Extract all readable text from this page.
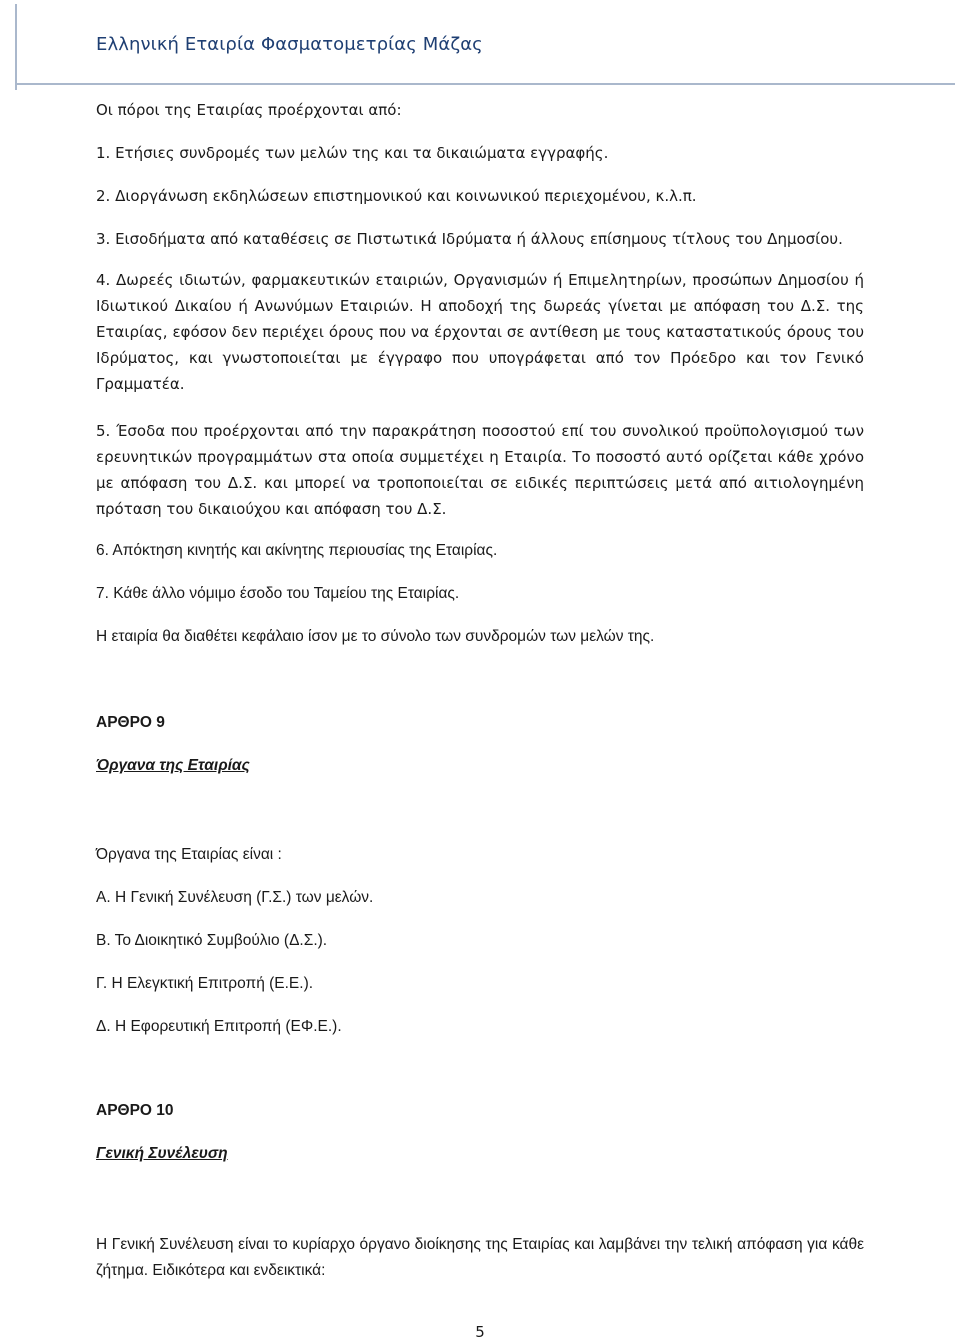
Ελληνική Εταιρία Φασματομετρίας Μάζας
Οι πόροι της Εταιρίας προέρχονται από:
1. Ετήσιες συνδρομές των μελών της και τα δικαιώματα εγγραφής.
2. Διοργάνωση εκδηλώσεων επιστημονικού και κοινωνικού περιεχομένου, κ.λ.π.
3. Εισοδήματα από καταθέσεις σε Πιστωτικά Ιδρύματα ή άλλους επίσημους τίτλους του Δημοσίου.
4. Δωρεές ιδιωτών, φαρμακευτικών εταιριών, Οργανισμών ή Επιμελητηρίων, προσώπων Δημοσίου ή Ιδιωτικού Δικαίου ή Ανωνύμων Εταιριών. Η αποδοχή της δωρεάς γίνεται με απόφαση του Δ.Σ. της Εταιρίας, εφόσον δεν περιέχει όρους που να έρχονται σε αντίθεση με τους καταστατικούς όρους του Ιδρύματος, και γνωστοποιείται με έγγραφο που υπογράφεται από τον Πρόεδρο και τον Γενικό Γραμματέα.
5. Έσοδα που προέρχονται από την παρακράτηση ποσοστού επί του συνολικού προϋπολογισμού των ερευνητικών προγραμμάτων στα οποία συμμετέχει η Εταιρία. Το ποσοστό αυτό ορίζεται κάθε χρόνο με απόφαση του Δ.Σ. και μπορεί να τροποποιείται σε ειδικές περιπτώσεις μετά από αιτιολογημένη πρόταση του δικαιούχου και απόφαση του Δ.Σ.
6. Απόκτηση κινητής και ακίνητης περιουσίας της Εταιρίας.
7. Κάθε άλλο νόμιμο έσοδο του Ταμείου της Εταιρίας.
Η εταιρία θα διαθέτει κεφάλαιο ίσον με το σύνολο των συνδρομών των μελών της.
ΑΡΘΡΟ 9
Όργανα της Εταιρίας
Όργανα της Εταιρίας είναι :
Α. Η Γενική Συνέλευση (Γ.Σ.) των μελών.
Β. Το Διοικητικό Συμβούλιο (Δ.Σ.).
Γ. Η Ελεγκτική Επιτροπή (Ε.Ε.).
Δ. Η Εφορευτική Επιτροπή (ΕΦ.Ε.).
ΑΡΘΡΟ 10
Γενική Συνέλευση
Η Γενική Συνέλευση είναι το κυρίαρχο όργανο διοίκησης της Εταιρίας και λαμβάνει την τελική απόφαση για κάθε ζήτημα. Ειδικότερα και ενδεικτικά:
5
